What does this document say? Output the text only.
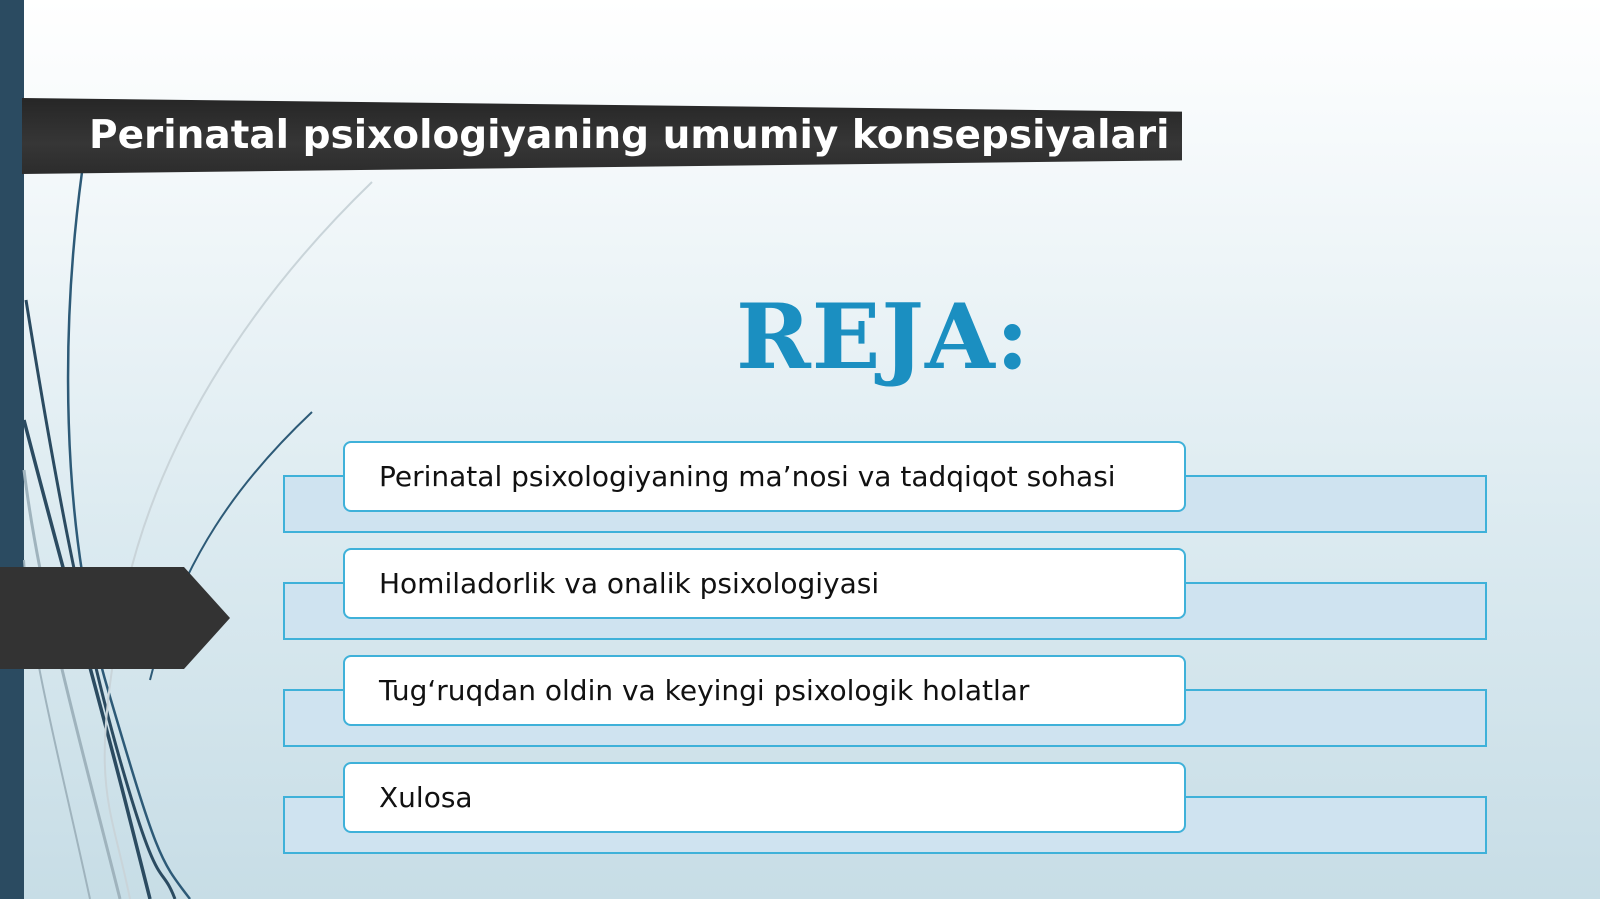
Perinatal psixologiyaning umumiy konsepsiyalari
REJA:
Perinatal psixologiyaning ma’nosi va tadqiqot sohasi
Homiladorlik va onalik psixologiyasi
Tug‘ruqdan oldin va keyingi psixologik holatlar
Xulosa
